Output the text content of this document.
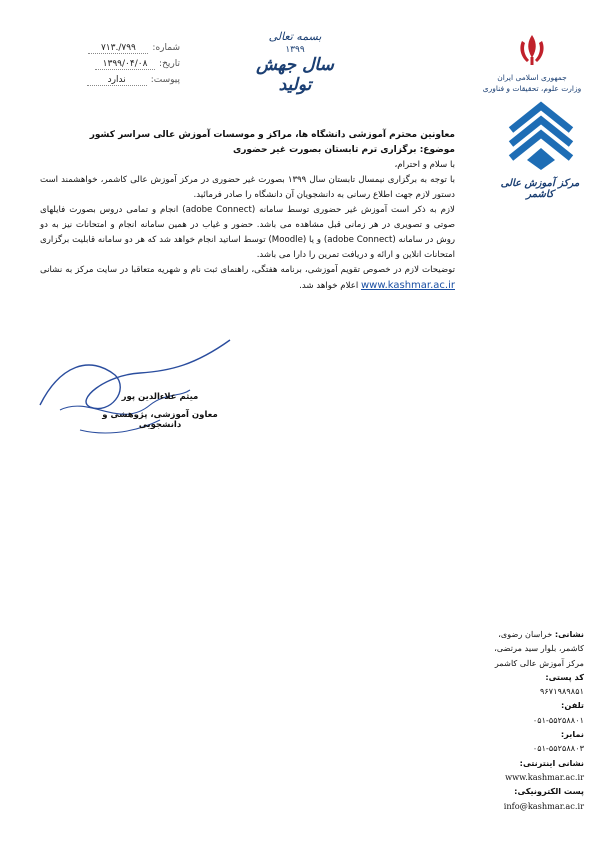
شماره:
۷۹۹/.۷۱۳
تاریخ:
۱۳۹۹/۰۴/۰۸
پیوست:
ندارد
بسمه تعالی
۱۳۹۹
سال جهش تولید	جمهوری اسلامی ایران
وزارت علوم، تحقیقات و فناوری
مرکز آموزش عالی کاشمر

معاونین محترم آموزشی دانشگاه ها، مراکز و موسسات آموزش عالی سراسر کشور

موضوع: برگزاری ترم تابستان بصورت غیر حضوری

با سلام و احترام،

با توجه به برگزاری نیمسال تابستان سال ۱۳۹۹ بصورت غیر حضوری در مرکز آموزش عالی کاشمر، خواهشمند است دستور لازم جهت اطلاع رسانی به دانشجویان آن دانشگاه را صادر فرمائید.

لازم به ذکر است آموزش غیر حضوری توسط سامانه (adobe Connect) انجام و تمامی دروس بصورت فایلهای صوتی و تصویری در هر زمانی قبل مشاهده می باشد. حضور و غیاب در همین سامانه انجام و امتحانات نیز به دو روش در سامانه (adobe Connect) و یا (Moodle) توسط اساتید انجام خواهد شد که هر دو سامانه قابلیت برگزاری امتحانات انلاین و ارائه و دریافت تمرین را دارا می باشد.

توضیحات لازم در خصوص تقویم آموزشی، برنامه هفتگی، راهنمای ثبت نام و شهریه متعاقبا در سایت مرکز به نشانی www.kashmar.ac.ir اعلام خواهد شد.

میثم علاءالدین پور
معاون آموزشی، پژوهشی و دانشجویی
نشانی: خراسان رضوی، کاشمر، بلوار سید مرتضی، مرکز آموزش عالی کاشمر
کد پستی:
۹۶۷۱۹۸۹۸۵۱
تلفن:
۰۵۱-۵۵۲۵۸۸۰۱
نمابر:
۰۵۱-۵۵۲۵۸۸۰۳
نشانی اینترنتی:
www.kashmar.ac.ir
پست الکترونیکی:
info@kashmar.ac.ir
